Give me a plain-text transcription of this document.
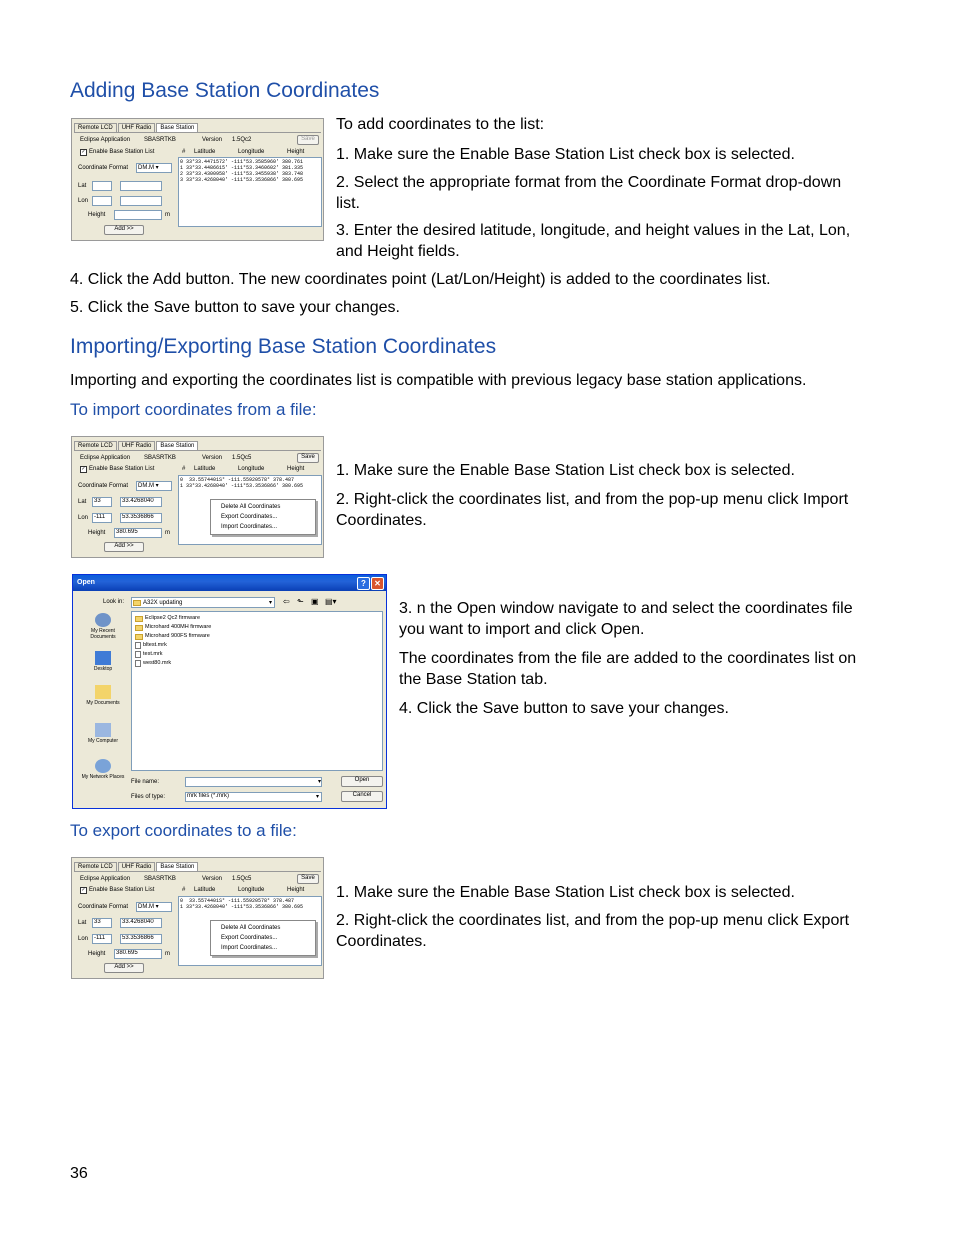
Adding Base Station Coordinates
Remote LCD	UHF Radio	Base Station
Eclipse Application SBASRTKB	Version 1.5Qc2	Save
✓ Enable Base Station List	# Latitude	Longitude	Height
Coordinate Format	DM.M ▾
0 33°33.4471572' -111°53.3585960' 380.761
1 33°33.4486615' -111°53.3460602' 381.335
2 33°33.4300958' -111°53.3455938' 383.748
3 33°33.4268040' -111°53.3536866' 380.695
Lat
Lon
Height	m
Add >>

To add coordinates to the list:

1. Make sure the Enable Base Station List check box is selected.

2. Select the appropriate format from the Coordinate Format drop-down list.

3. Enter the desired latitude, longitude, and height values in the Lat, Lon, and Height fields.

4. Click the Add button. The new coordinates point (Lat/Lon/Height) is added to the coordinates list.

5. Click the Save button to save your changes.

Importing/Exporting Base Station Coordinates

Importing and exporting the coordinates list is compatible with previous legacy base station applications.

To import coordinates from a file:
Remote LCD	UHF Radio	Base Station
Eclipse Application SBASRTKB	Version 1.5Qc5	Save
✓ Enable Base Station List	# Latitude	Longitude	Height
Coordinate Format	DM.M ▾
0  33.5574401S° -111.55920578° 378.487
1 33°33.4268040' -111°53.3536866' 380.695
Delete All Coordinates
Export Coordinates...
Import Coordinates...
Lat	33	33.4268040
Lon -111	53.3536866
Height	380.695	m
Add >>

1. Make sure the Enable Base Station List check box is selected.

2. Right-click the coordinates list, and from the pop-up menu click Import Coordinates.

Open	?	✕
Look in:	A32X updating	▾ ⇦ ⬑ ▣ ▤▾
My Recent Documents
Desktop
My Documents
My Computer
My Network Places
Eclipse2 Qc2 firmware
Microhard 400MH firmware
Microhard 900FS firmware
bltest.mrk
test.mrk
west80.mrk
File name:	▾
Files of type:	mrk files (*.mrk)	▾
Open
Cancel

3. n the Open window navigate to and select the coordinates file you want to import and click Open.

The coordinates from the file are added to the coordinates list on the Base Station tab.

4. Click the Save button to save your changes.

To export coordinates to a file:
Remote LCD	UHF Radio	Base Station
Eclipse Application SBASRTKB	Version 1.5Qc5	Save
✓ Enable Base Station List	# Latitude	Longitude	Height
Coordinate Format	DM.M ▾
0  33.5574401S° -111.55920578° 378.487
1 33°33.4268040' -111°53.3536866' 380.695
Delete All Coordinates
Export Coordinates...
Import Coordinates...
Lat	33	33.4268040
Lon -111	53.3536866
Height	380.695	m
Add >>

1. Make sure the Enable Base Station List check box is selected.

2. Right-click the coordinates list, and from the pop-up menu click Export Coordinates.

36
